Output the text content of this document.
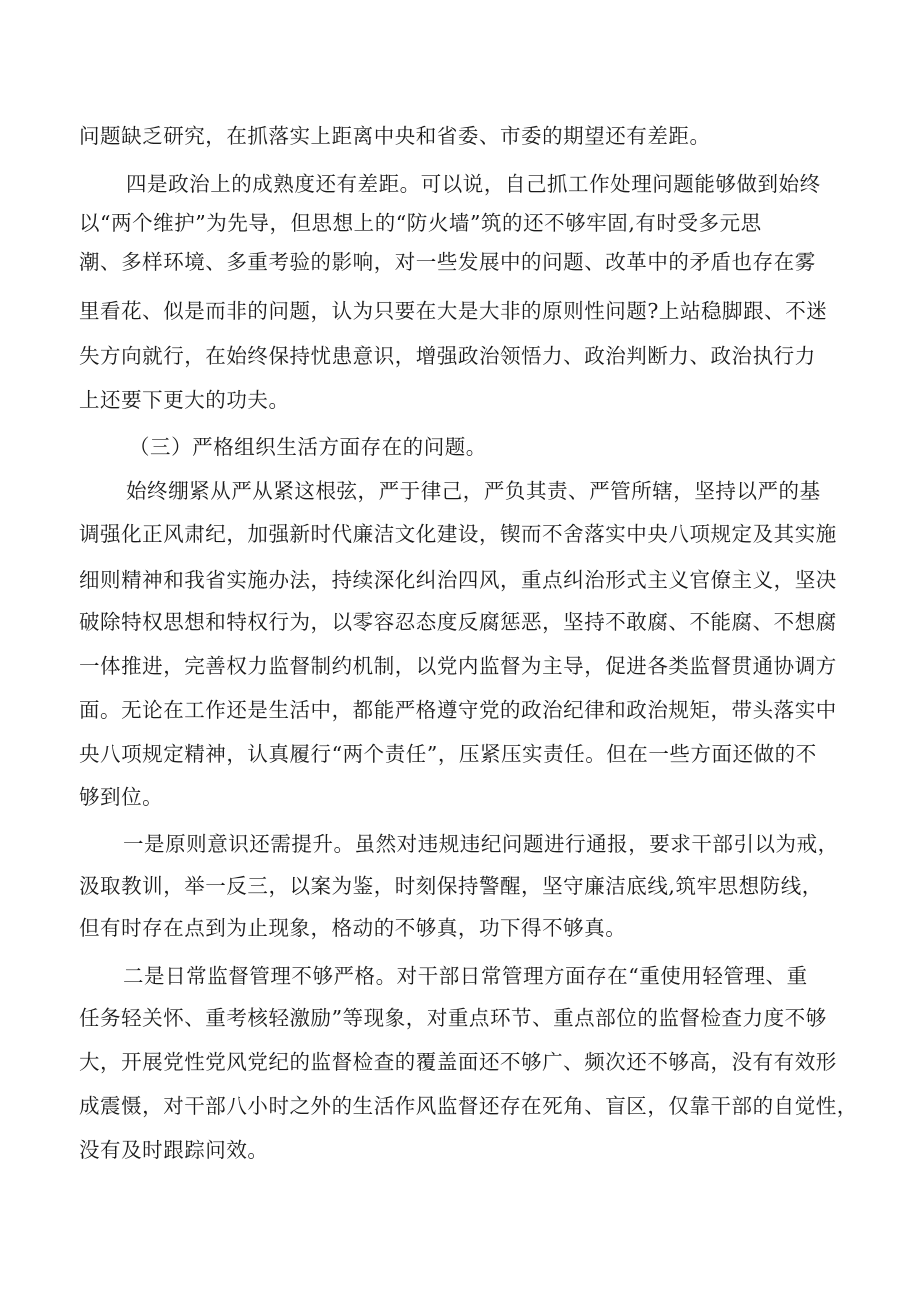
问题缺乏研究，在抓落实上距离中央和省委、市委的期望还有差距。
四是政治上的成熟度还有差距。可以说，自己抓工作处理问题能够做到始终
以“两个维护”为先导，但思想上的“防火墙”筑的还不够牢固,有时受多元思
潮、多样环境、多重考验的影响，对一些发展中的问题、改革中的矛盾也存在雾
里看花、似是而非的问题，认为只要在大是大非的原则性问题?上站稳脚跟、不迷
失方向就行，在始终保持忧患意识，增强政治领悟力、政治判断力、政治执行力
上还要下更大的功夫。
（三）严格组织生活方面存在的问题。
始终绷紧从严从紧这根弦，严于律己，严负其责、严管所辖，坚持以严的基
调强化正风肃纪，加强新时代廉洁文化建设，锲而不舍落实中央八项规定及其实施
细则精神和我省实施办法，持续深化纠治四风，重点纠治形式主义官僚主义，坚决
破除特权思想和特权行为，以零容忍态度反腐惩恶，坚持不敢腐、不能腐、不想腐
一体推进，完善权力监督制约机制，以党内监督为主导，促进各类监督贯通协调方
面。无论在工作还是生活中，都能严格遵守党的政治纪律和政治规矩，带头落实中
央八项规定精神，认真履行“两个责任”，压紧压实责任。但在一些方面还做的不
够到位。
一是原则意识还需提升。虽然对违规违纪问题进行通报，要求干部引以为戒，
汲取教训，举一反三，以案为鉴，时刻保持警醒，坚守廉洁底线,筑牢思想防线，
但有时存在点到为止现象，格动的不够真，功下得不够真。
二是日常监督管理不够严格。对干部日常管理方面存在“重使用轻管理、重
任务轻关怀、重考核轻激励”等现象，对重点环节、重点部位的监督检查力度不够
大，开展党性党风党纪的监督检查的覆盖面还不够广、频次还不够高，没有有效形
成震慑，对干部八小时之外的生活作风监督还存在死角、盲区，仅靠干部的自觉性，
没有及时跟踪问效。
